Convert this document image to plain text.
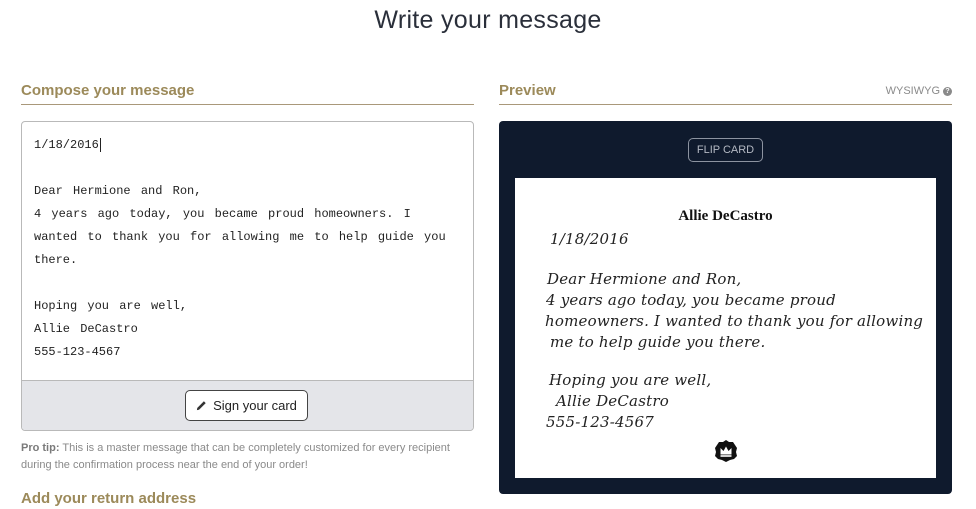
Write your message
Compose your message	Preview	WYSIWYG ?
1/18/2016
Dear Hermione and Ron,
4 years ago today, you became proud homeowners. I
wanted to thank you for allowing me to help guide you
there.
Hoping you are well,
Allie DeCastro
555-123-4567
Sign your card
Pro tip: This is a master message that can be completely customized for every recipient during the confirmation process near the end of your order!
Add your return address
FLIP CARD
Allie DeCastro
1/18/2016
Dear Hermione and Ron,
4 years ago today, you became proud
homeowners. I wanted to thank you for allowing
me to help guide you there.
Hoping you are well,
Allie DeCastro
555-123-4567
